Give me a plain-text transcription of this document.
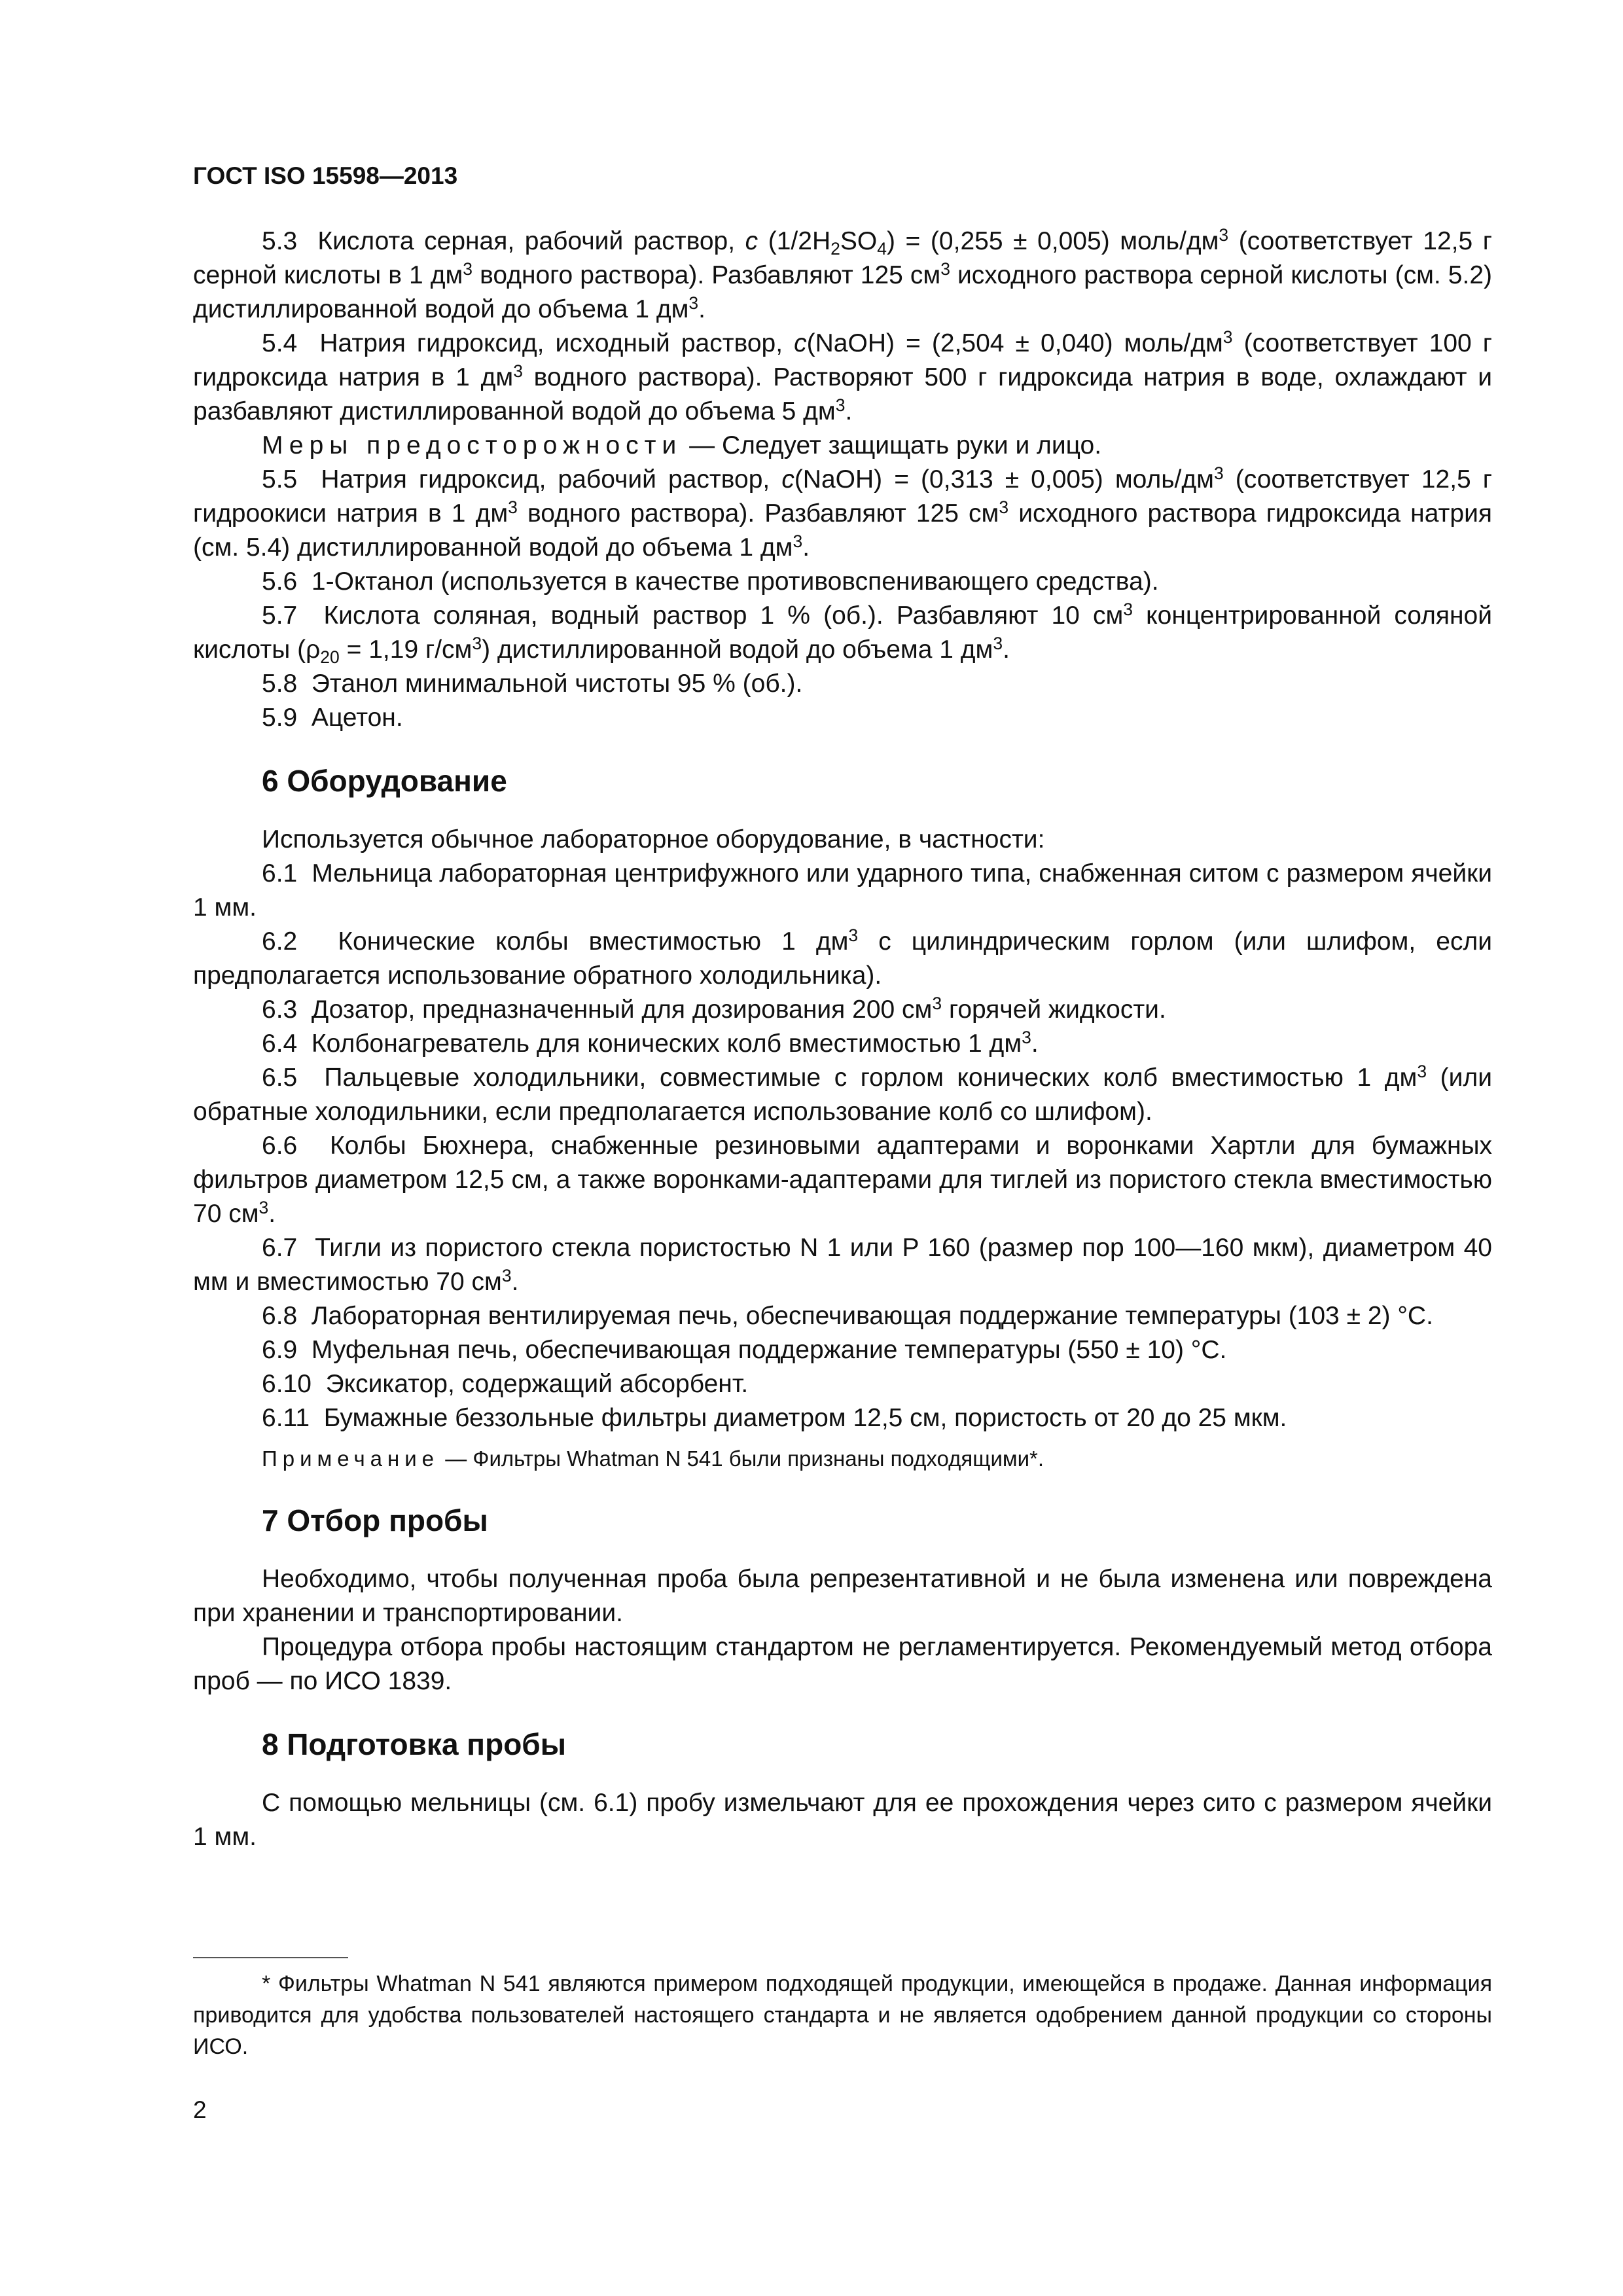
ГОСТ ISO 15598—2013

5.3 Кислота серная, рабочий раствор, c $(1/2H_2SO_4) = (0,255 \pm 0,005)$ моль/$дм^3$ (соответствует 12,5 г серной кислоты в 1 $дм^3$ водного раствора). Разбавляют 125 $см^3$ исходного раствора серной кислоты (см. 5.2) дистиллированной водой до объема 1 $дм^3$.

5.4 Натрия гидроксид, исходный раствор, c(NaOH) = (2,504 ± 0,040) моль/$дм^3$ (соответствует 100 г гидроксида натрия в 1 $дм^3$ водного раствора). Растворяют 500 г гидроксида натрия в воде, охлаждают и разбавляют дистиллированной водой до объема 5 $дм^3$.

Меры предосторожности — Следует защищать руки и лицо.

5.5 Натрия гидроксид, рабочий раствор, c(NaOH) = (0,313 ± 0,005) моль/$дм^3$ (соответствует 12,5 г гидроокиси натрия в 1 $дм^3$ водного раствора). Разбавляют 125 $см^3$ исходного раствора гидроксида натрия (см. 5.4) дистиллированной водой до объема 1 $дм^3$.

5.6 1-Октанол (используется в качестве противовспенивающего средства).

5.7 Кислота соляная, водный раствор 1 % (об.). Разбавляют 10 $см^3$ концентрированной соляной кислоты ($\rho_{20} = 1,19$ $г/см^3$) дистиллированной водой до объема 1 $дм^3$.

5.8 Этанол минимальной чистоты 95 % (об.).

5.9 Ацетон.

6 Оборудование

Используется обычное лабораторное оборудование, в частности:

6.1 Мельница лабораторная центрифужного или ударного типа, снабженная ситом с размером ячейки 1 мм.

6.2 Конические колбы вместимостью 1 $дм^3$ с цилиндрическим горлом (или шлифом, если предполагается использование обратного холодильника).

6.3 Дозатор, предназначенный для дозирования 200 $см^3$ горячей жидкости.

6.4 Колбонагреватель для конических колб вместимостью 1 $дм^3$.

6.5 Пальцевые холодильники, совместимые с горлом конических колб вместимостью 1 $дм^3$ (или обратные холодильники, если предполагается использование колб со шлифом).

6.6 Колбы Бюхнера, снабженные резиновыми адаптерами и воронками Хартли для бумажных фильтров диаметром 12,5 см, а также воронками-адаптерами для тиглей из пористого стекла вместимостью 70 $см^3$.

6.7 Тигли из пористого стекла пористостью N 1 или P 160 (размер пор 100—160 мкм), диаметром 40 мм и вместимостью 70 $см^3$.

6.8 Лабораторная вентилируемая печь, обеспечивающая поддержание температуры (103 ± 2) °С.

6.9 Муфельная печь, обеспечивающая поддержание температуры (550 ± 10) °С.

6.10 Эксикатор, содержащий абсорбент.

6.11 Бумажные беззольные фильтры диаметром 12,5 см, пористость от 20 до 25 мкм.

Примечание — Фильтры Whatman N 541 были признаны подходящими*.

7 Отбор пробы

Необходимо, чтобы полученная проба была репрезентативной и не была изменена или повреждена при хранении и транспортировании.

Процедура отбора пробы настоящим стандартом не регламентируется. Рекомендуемый метод отбора проб — по ИСО 1839.

8 Подготовка пробы

С помощью мельницы (см. 6.1) пробу измельчают для ее прохождения через сито с размером ячейки 1 мм.

* Фильтры Whatman N 541 являются примером подходящей продукции, имеющейся в продаже. Данная информация приводится для удобства пользователей настоящего стандарта и не является одобрением данной продукции со стороны ИСО.
2
